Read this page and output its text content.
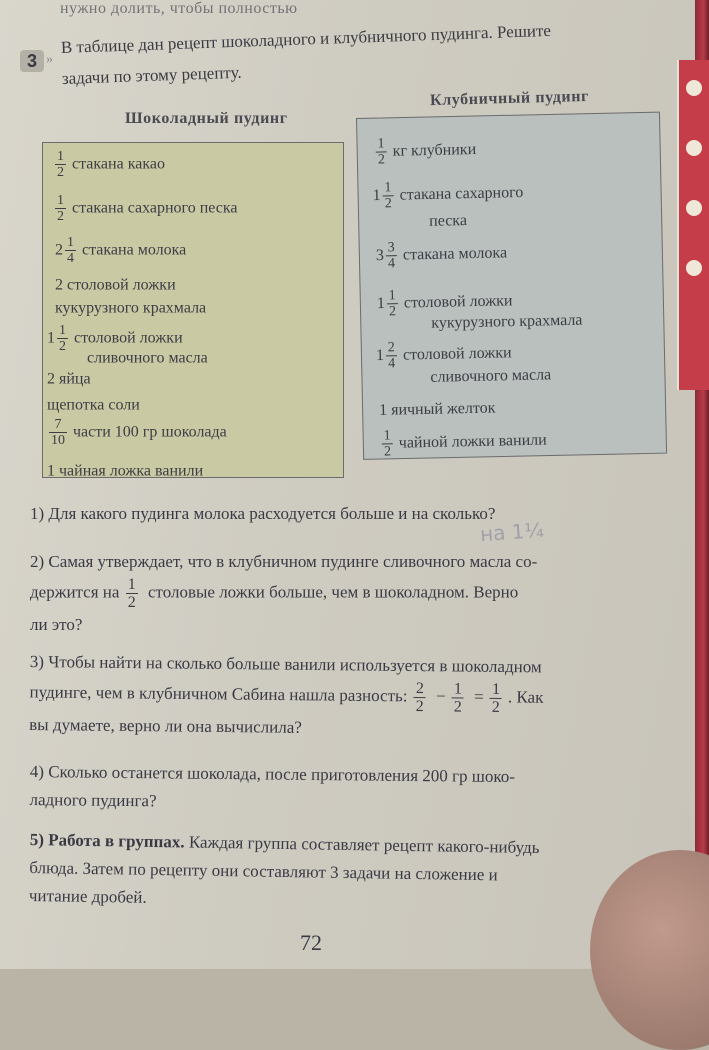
нужно долить, чтобы полностью
3 »
В таблице дан рецепт шоколадного и клубничного пудинга. Решите
задачи по этому рецепту.
Шоколадный пудинг
Клубничный пудинг
$\frac{1}{2}$ стакана какао
$\frac{1}{2}$ стакана сахарного песка
$2 \frac{1}{4}$ стакана молока
2 столовой ложки
кукурузного крахмала
$1 \frac{1}{2}$ столовой ложки
сливочного масла
2 яйца
щепотка соли
$\frac{7}{10}$ части 100 гр шоколада
1 чайная ложка ванили
$\frac{1}{2}$ кг клубники
$1 \frac{1}{2}$ стакана сахарного
песка
$3 \frac{3}{4}$ стакана молока
$1 \frac{1}{2}$ столовой ложки
кукурузного крахмала
$1 \frac{2}{4}$ столовой ложки
сливочного масла
1 яичный желток
$\frac{1}{2}$ чайной ложки ванили
на 1¼
1) Для какого пудинга молока расходуется больше и на сколько?
2) Самая утверждает, что в клубничном пудинге сливочного масла со-
держится на $\frac{1}{2}$ столовые ложки больше, чем в шоколадном. Верно
ли это?
3) Чтобы найти на сколько больше ванили используется в шоколадном
пудинге, чем в клубничном Сабина нашла разность: $\frac{2}{2} - \frac{1}{2} = \frac{1}{2}$ . Как
вы думаете, верно ли она вычислила?
4) Сколько останется шоколада, после приготовления 200 гр шоко-
ладного пудинга?
5) Работа в группах. Каждая группа составляет рецепт какого-нибудь
блюда. Затем по рецепту они составляют 3 задачи на сложение и
читание дробей.
72
